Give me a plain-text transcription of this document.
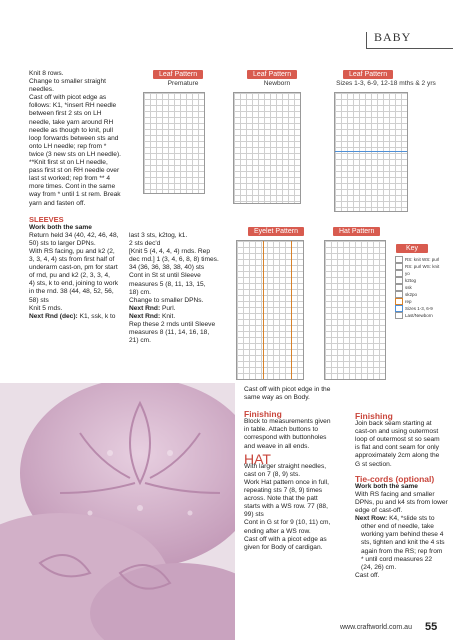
BABY
Knit 8 rows.
Change to smaller straight
needles.
Cast off with picot edge as
follows: K1, *insert RH needle
between first 2 sts on LH
needle, take yarn around RH
needle as though to knit, pull
loop forwards between sts and
onto LH needle; rep from *
twice (3 new sts on LH needle).
**Knit first st on LH needle,
pass first st on RH needle over
last st worked; rep from ** 4
more times. Cont in the same
way from * until 1 st rem. Break
yarn and fasten off.
SLEEVES
Work both the same
Return held 34 (40, 42, 46, 48,
50) sts to larger DPNs.
With RS facing, pu and k2 (2,
3, 3, 4, 4) sts from first half of
underarm cast-on, pm for start
of rnd, pu and k2 (2, 3, 3, 4,
4) sts, k to end, joining to work
in the rnd. 38 (44, 48, 52, 56,
58) sts
Knit 5 rnds.
Next Rnd (dec): K1, ssk, k to
last 3 sts, k2tog, k1.
2 sts dec'd
[Knit 5 (4, 4, 4, 4) rnds. Rep
dec rnd.] 1 (3, 4, 6, 8, 8) times.
34 (36, 36, 38, 38, 40) sts
Cont in St st until Sleeve
measures 5 (8, 11, 13, 15,
18) cm.
Change to smaller DPNs.
Next Rnd: Purl.
Next Rnd: Knit.
Rep these 2 rnds until Sleeve
measures 8 (11, 14, 16, 18,
21) cm.
Leaf Pattern
Premature
Leaf Pattern
Newborn
Leaf Pattern
Sizes 1-3, 6-9, 12-18 mths & 2 yrs
Eyelet Pattern	Hat Pattern
Key
RS: knit WS: purl
RS: purl WS: knit
yo
k2tog
ssk
sk2po
rep
Sizes 1-3, 6-9
Last/Newborn
Cast off with picot edge in the
same way as on Body.
Finishing
Block to measurements given
in table. Attach buttons to
correspond with buttonholes
and weave in all ends.
HAT
With larger straight needles,
cast on 7 (8, 9) sts.
Work Hat pattern once in full,
repeating sts 7 (8, 9) times
across. Note that the patt
starts with a WS row. 77 (88,
99) sts
Cont in G st for 9 (10, 11) cm,
ending after a WS row.
Cast off with a picot edge as
given for Body of cardigan.
Finishing
Join back seam starting at
cast-on and using outermost
loop of outermost st so seam
is flat and cont seam for only
approximately 2cm along the
G st section.
Tie-cords (optional)
Work both the same
With RS facing and smaller
DPNs, pu and k4 sts from lower
edge of cast-off.
Next Row: K4, *slide sts to
other end of needle, take
working yarn behind these 4
sts, tighten and knit the 4 sts
again from the RS; rep from
* until cord measures 22
(24, 26) cm.
Cast off.
www.craftworld.com.au 55
